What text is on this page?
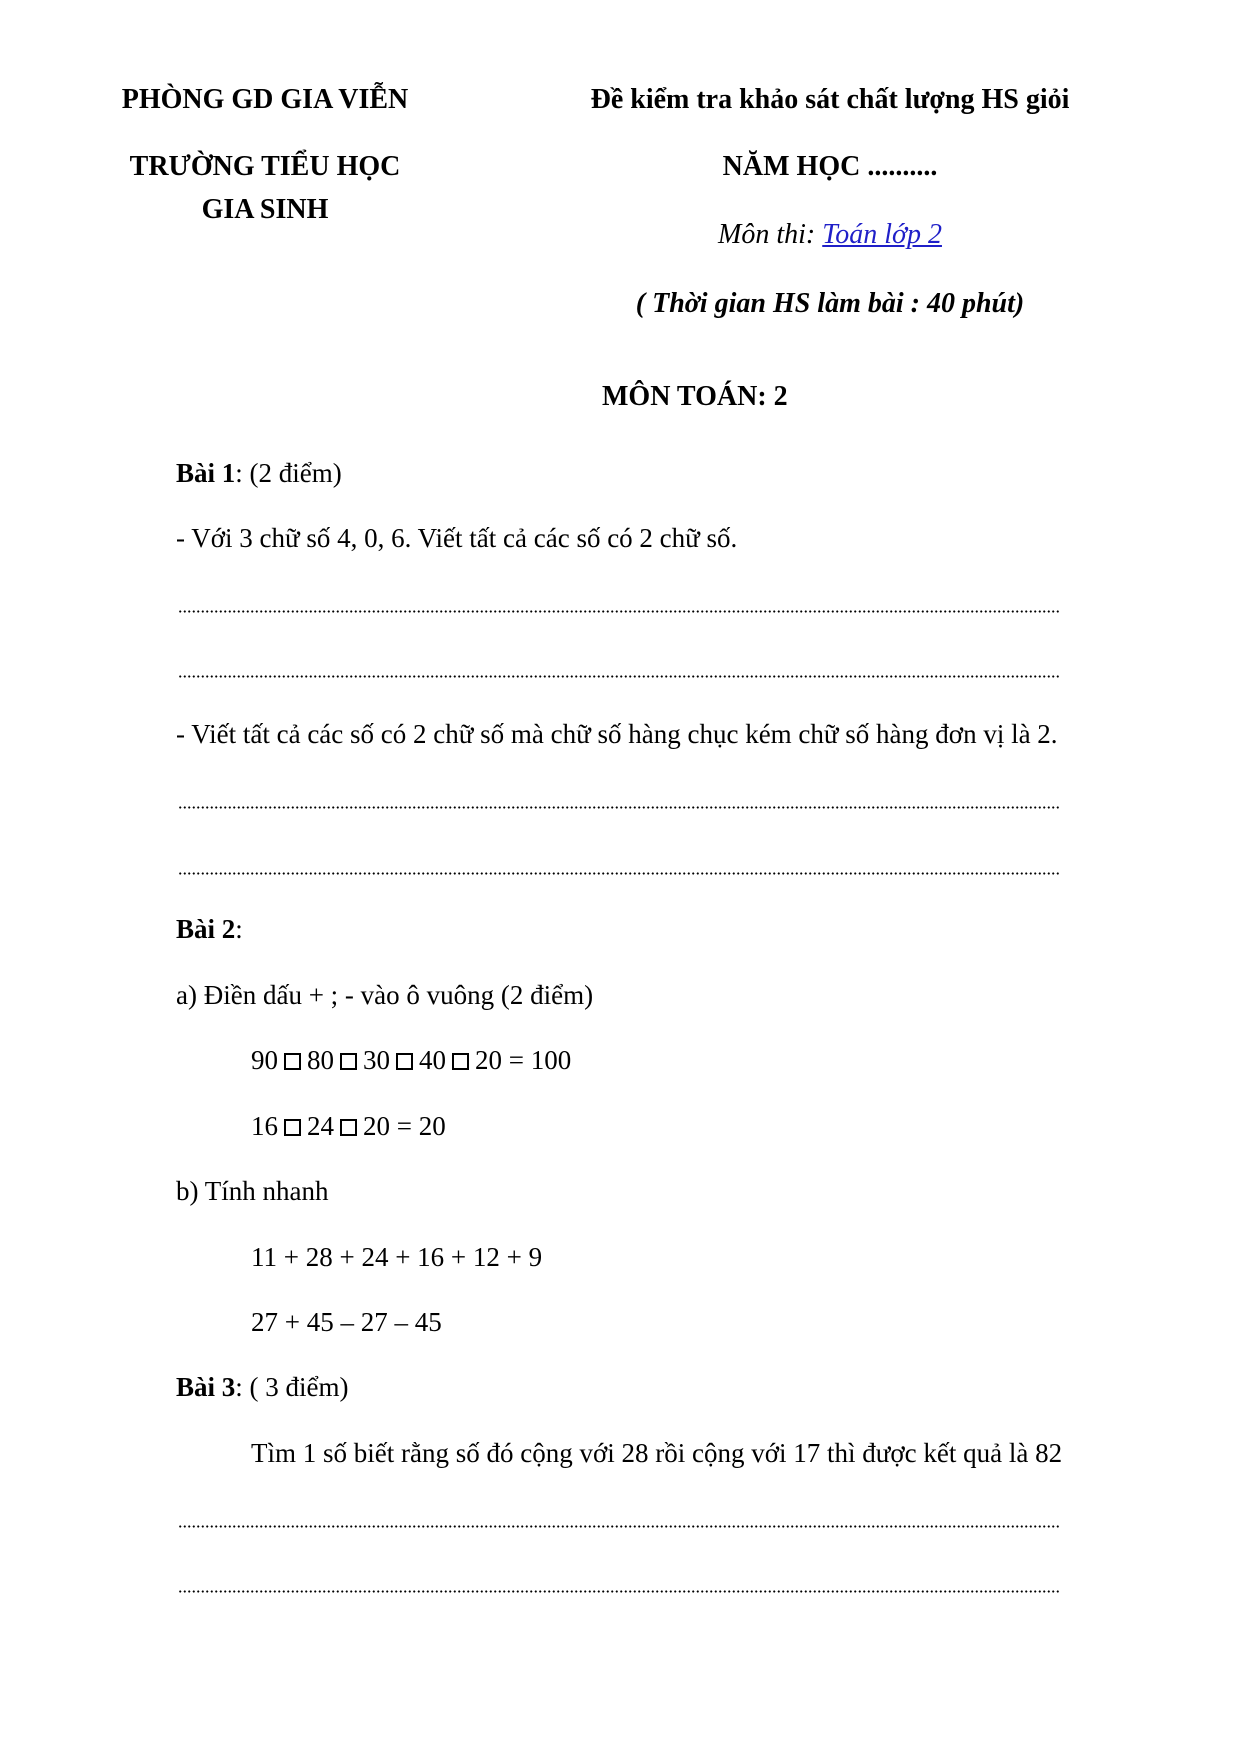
PHÒNG GD GIA VIỄN
TRƯỜNG TIỂU HỌC
GIA SINH
Đề kiểm tra khảo sát chất lượng HS giỏi
NĂM HỌC ..........
Môn thi: Toán lớp 2
( Thời gian HS làm bài : 40 phút)
MÔN TOÁN: 2
Bài 1: (2 điểm)
- Với 3 chữ số 4, 0, 6. Viết tất cả các số có 2 chữ số.
- Viết tất cả các số có 2 chữ số mà chữ số hàng chục kém chữ số hàng đơn vị là 2.
Bài 2:
a) Điền dấu + ; - vào ô vuông (2 điểm)
90 80 30 40 20 = 100
16 24 20 = 20
b) Tính nhanh
11 + 28 + 24 + 16 + 12 + 9
27 + 45 – 27 – 45
Bài 3: ( 3 điểm)
Tìm 1 số biết rằng số đó cộng với 28 rồi cộng với 17 thì được kết quả là 82
